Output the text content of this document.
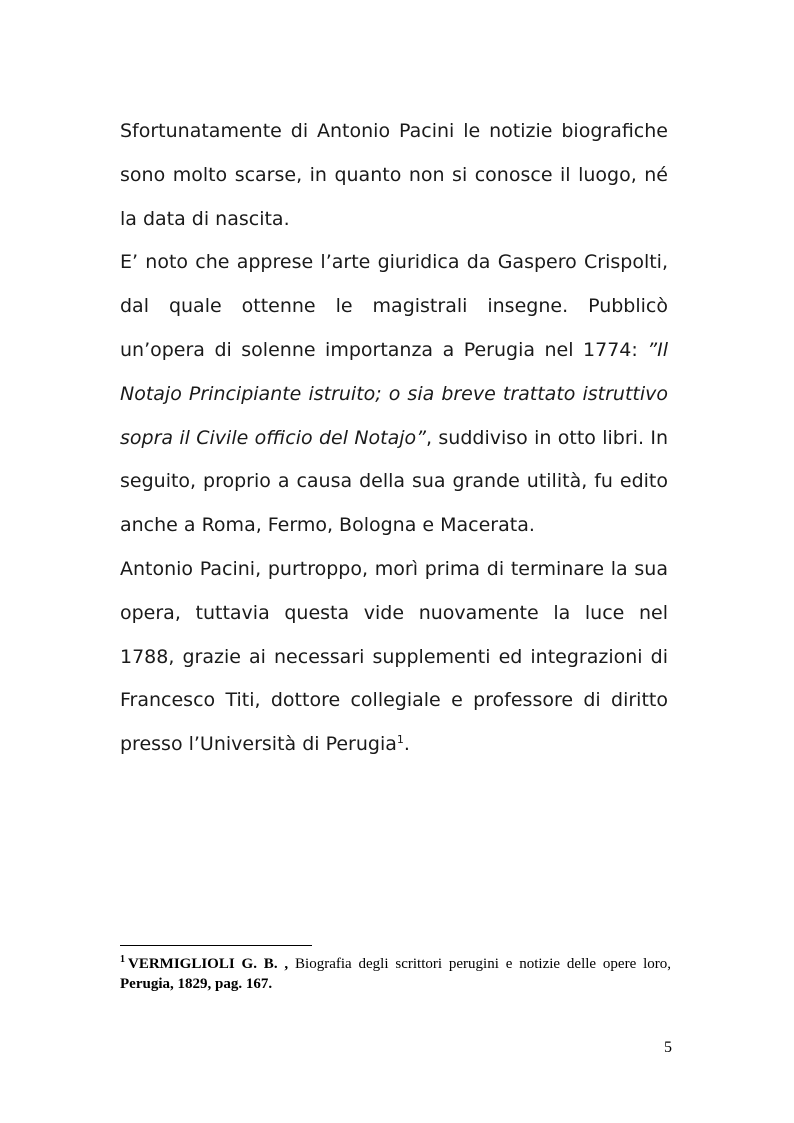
Sfortunatamente di Antonio Pacini le notizie biografiche sono molto scarse, in quanto non si conosce il luogo, né la data di nascita.

E’ noto che apprese l’arte giuridica da Gaspero Crispolti, dal quale ottenne le magistrali insegne. Pubblicò un’opera di solenne importanza a Perugia nel 1774: ”Il Notajo Principiante istruito; o sia breve trattato istruttivo sopra il Civile officio del Notajo”, suddiviso in otto libri. In seguito, proprio a causa della sua grande utilità, fu edito anche a Roma, Fermo, Bologna e Macerata.

Antonio Pacini, purtroppo, morì prima di terminare la sua opera, tuttavia questa vide nuovamente la luce nel 1788, grazie ai necessari supplementi ed integrazioni di Francesco Titi, dottore collegiale e professore di diritto presso l’Università di Perugia$^1$.

$^1$ VERMIGLIOLI G. B. , Biografia degli scrittori perugini e notizie delle opere loro, Perugia, 1829, pag. 167.

5
